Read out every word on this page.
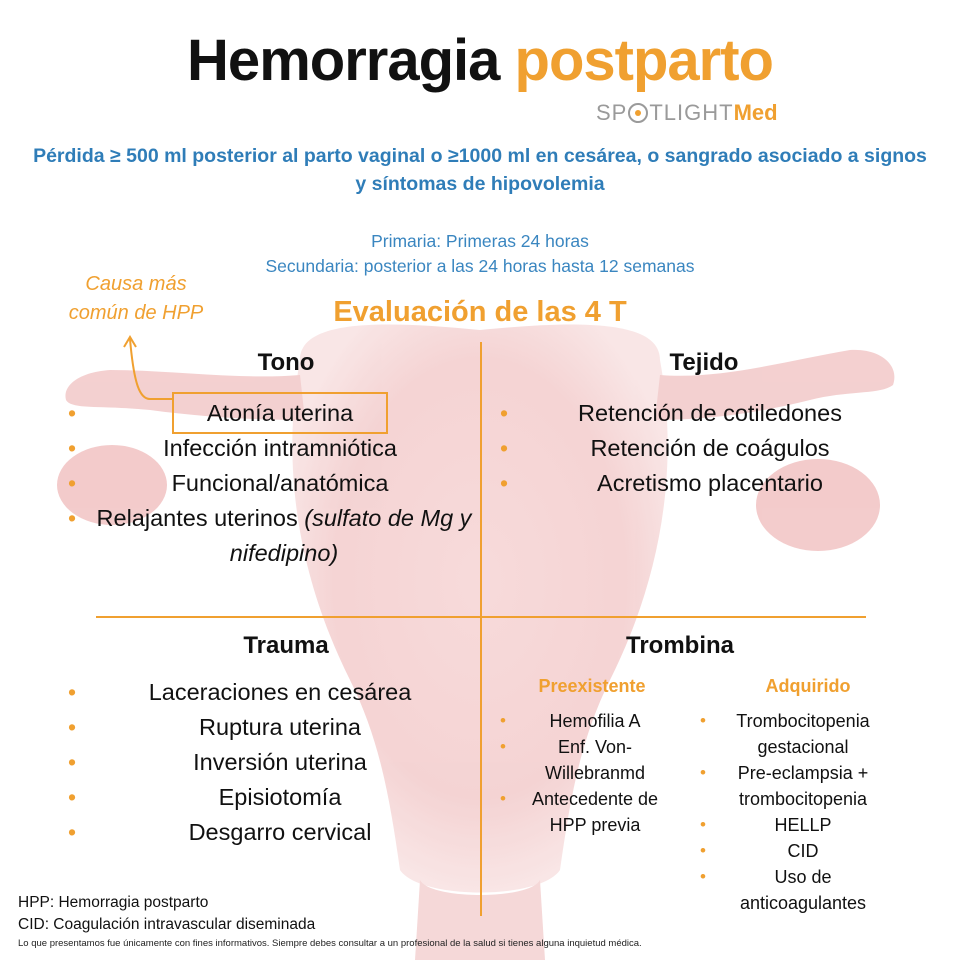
Hemorragia postparto
SP TLIGHTMed
Pérdida ≥ 500 ml posterior al parto vaginal o ≥1000 ml en cesárea, o sangrado asociado a signos y síntomas de hipovolemia
Primaria: Primeras 24 horas
Secundaria: posterior a las 24 horas hasta 12 semanas
Causa más
común de HPP	Evaluación de las 4 T
Tono
•	Atonía uterina
•	Infección intramniótica
•	Funcional/anatómica
• Relajantes uterinos (sulfato de Mg y nifedipino)
Tejido
•	Retención de cotiledones
•	Retención de coágulos
•	Acretismo placentario
Trauma
•	Laceraciones en cesárea
•	Ruptura uterina
•	Inversión uterina
•	Episiotomía
•	Desgarro cervical
Trombina
Preexistente
• Hemofilia A
•	Enf. Von-Willebranmd
• Antecedente de HPP previa
Adquirido
• Trombocitopenia gestacional
• Pre-eclampsia + trombocitopenia
•	HELLP
•	CID
•	Uso de anticoagulantes
HPP: Hemorragia postparto
CID: Coagulación intravascular diseminada
Lo que presentamos fue únicamente con fines informativos. Siempre debes consultar a un profesional de la salud si tienes alguna inquietud médica.
